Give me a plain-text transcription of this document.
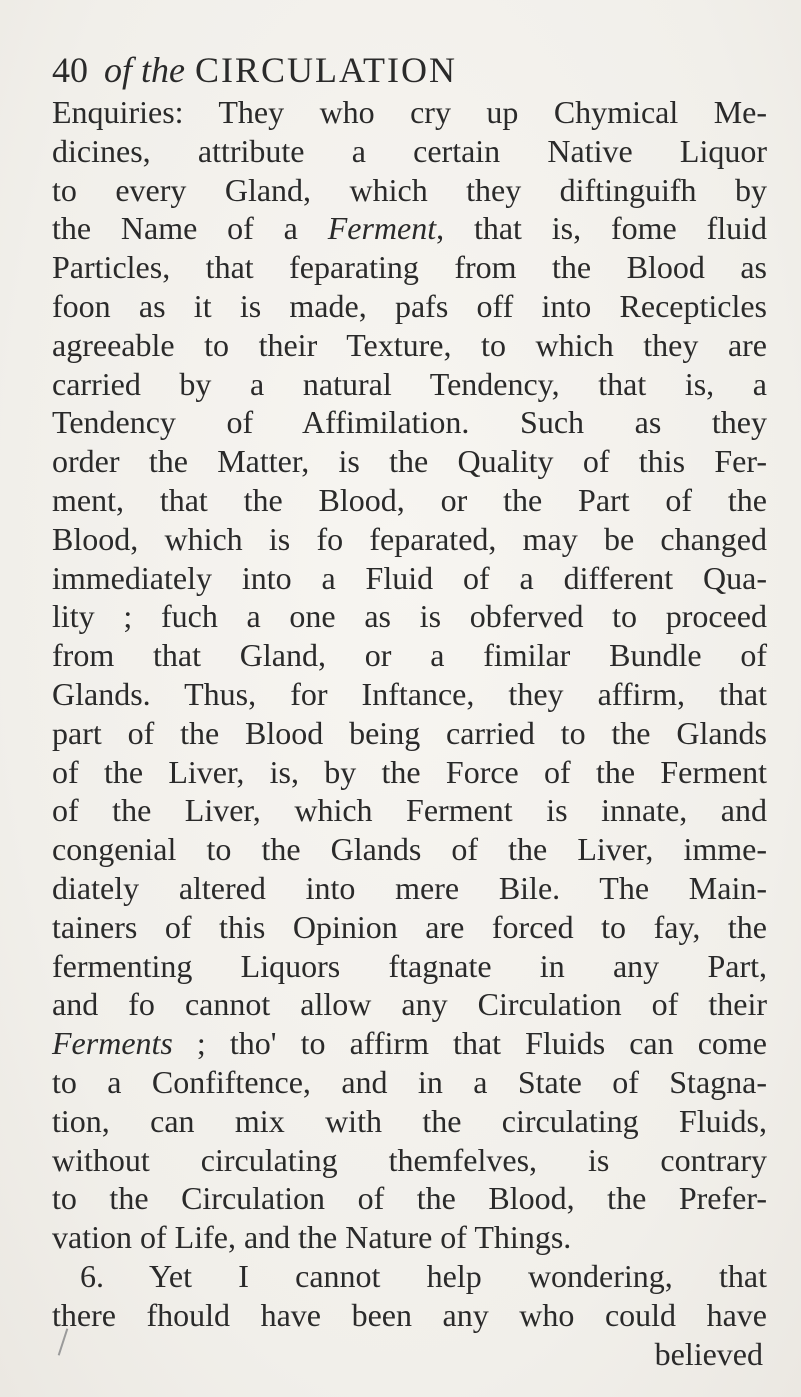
40 of the CIRCULATION
Enquiries: They who cry up Chymical Me-
dicines, attribute a certain Native Liquor
to every Gland, which they diftinguifh by
the Name of a Ferment, that is, fome fluid
Particles, that feparating from the Blood as
foon as it is made, pafs off into Recepticles
agreeable to their Texture, to which they are
carried by a natural Tendency, that is, a
Tendency of Affimilation. Such as they
order the Matter, is the Quality of this Fer-
ment, that the Blood, or the Part of the
Blood, which is fo feparated, may be changed
immediately into a Fluid of a different Qua-
lity ; fuch a one as is obferved to proceed
from that Gland, or a fimilar Bundle of
Glands. Thus, for Inftance, they affirm, that
part of the Blood being carried to the Glands
of the Liver, is, by the Force of the Ferment
of the Liver, which Ferment is innate, and
congenial to the Glands of the Liver, imme-
diately altered into mere Bile. The Main-
tainers of this Opinion are forced to fay, the
fermenting Liquors ftagnate in any Part,
and fo cannot allow any Circulation of their
Ferments ; tho' to affirm that Fluids can come
to a Confiftence, and in a State of Stagna-
tion, can mix with the circulating Fluids,
without circulating themfelves, is contrary
to the Circulation of the Blood, the Prefer-
vation of Life, and the Nature of Things.
6. Yet I cannot help wondering, that
there fhould have been any who could have
believed
